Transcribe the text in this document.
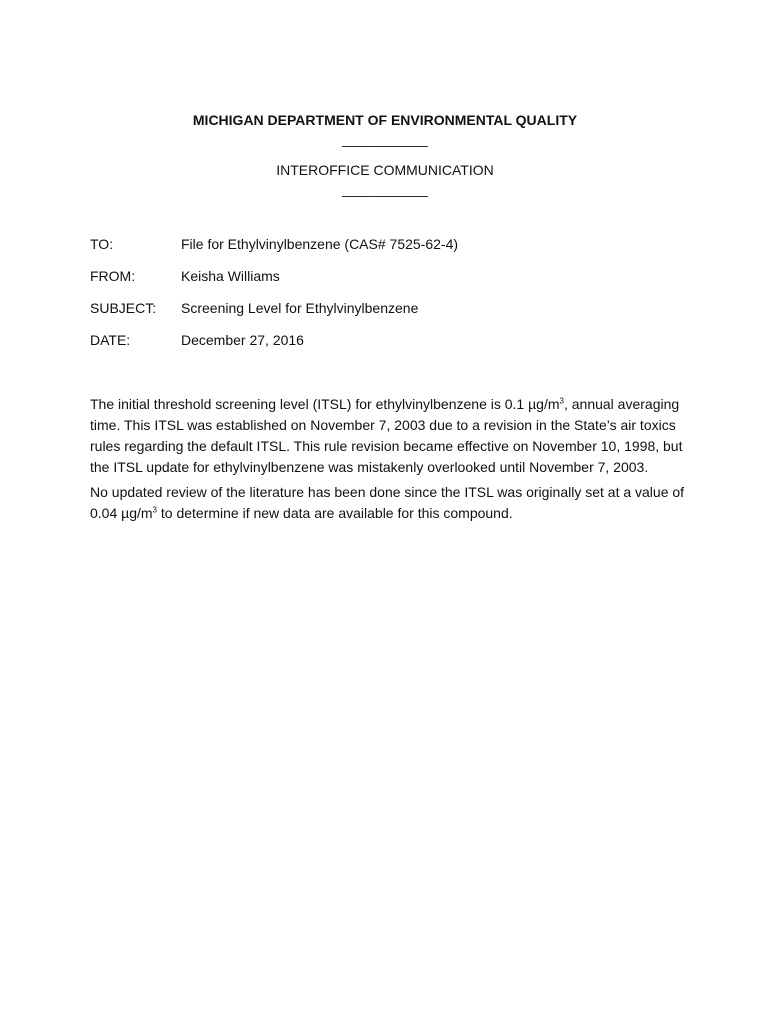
MICHIGAN DEPARTMENT OF ENVIRONMENTAL QUALITY
___________
INTEROFFICE COMMUNICATION
___________
TO:	File for Ethylvinylbenzene (CAS# 7525-62-4)
FROM:	Keisha Williams
SUBJECT: Screening Level for Ethylvinylbenzene
DATE:	December 27, 2016

The initial threshold screening level (ITSL) for ethylvinylbenzene is 0.1 $\mu g/m^3$, annual averaging time. This ITSL was established on November 7, 2003 due to a revision in the State’s air toxics rules regarding the default ITSL. This rule revision became effective on November 10, 1998, but the ITSL update for ethylvinylbenzene was mistakenly overlooked until November 7, 2003.

No updated review of the literature has been done since the ITSL was originally set at a value of 0.04 $\mu g/m^3$ to determine if new data are available for this compound.
